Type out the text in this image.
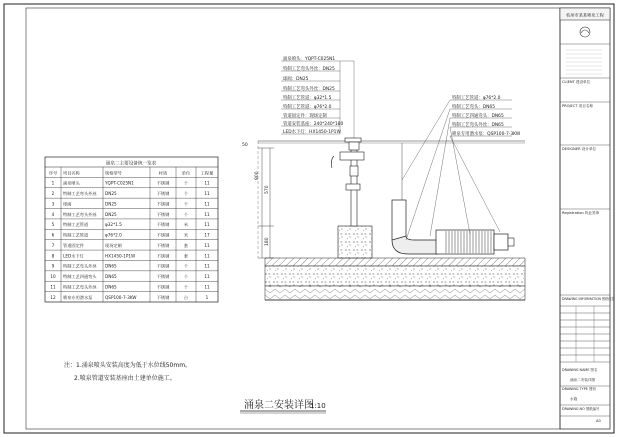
涌泉二主要设备统一览表
序号 项目名称	规格型号	材质	单位	工程量
1 涌泉喷头	YQPT-C025N1	不锈钢	个	11
2 特制工艺弯头外丝 DN25	不锈钢	个	11
3 球阀	DN25	不锈钢	个	11
4 特制工艺弯头外丝 DN25	不锈钢	个	11
5 特制工艺管道	φ32*1.5	不锈钢	米	11
6 特制工艺管道	φ76*2.0	不锈钢	米	17
7 管道固定件	现场定制	不锈钢	套	11
8 LED水下灯	HX1450-1P1W	不锈钢	套	11
9 特制工艺弯头外丝 DN65	不锈钢	个	11
10 特制工艺四通弯头 DN65	不锈钢	个	11
11 特制工艺弯头外丝 DN65	不锈钢	个	11
12 喷泉专用潜水泵	QSP100-7-3KW	不锈钢	台	1
注：1.涌泉喷头安装高度为低于水位线50mm。
2.喷泉管道安装基座由土建单位施工。
涌泉二安装详图
1:10
涌泉喷头：YQPT-C025N1
特制工艺弯头外丝：DN25
球阀：DN25
特制工艺弯头外丝：DN25
特制工艺管道：φ32*1.5
特制工艺管道：φ76*2.0
管道固定件：现场定制
管道安装基座：240*240*180
LED水下灯：HX1450-1P1W
特制工艺管道：φ76*2.0
特制工艺弯头：DN65
特制工艺四通弯头：DN65
特制工艺弯头外丝：DN65
喷泉专用潜水泵：QSP100-7-3KW
800
570
180
50
杭州市某某喷泉工程
CLIENT 建设单位
PROJECT 项目名称
DESIGNER 设计单位
Registration 执业签章
DRAWING INFORMATION 图纸信息
DRAWING NAME 图名
涌泉二安装详图
DRAWING TYPE 图别
水施
DRAWING NO 图纸编号
A0
